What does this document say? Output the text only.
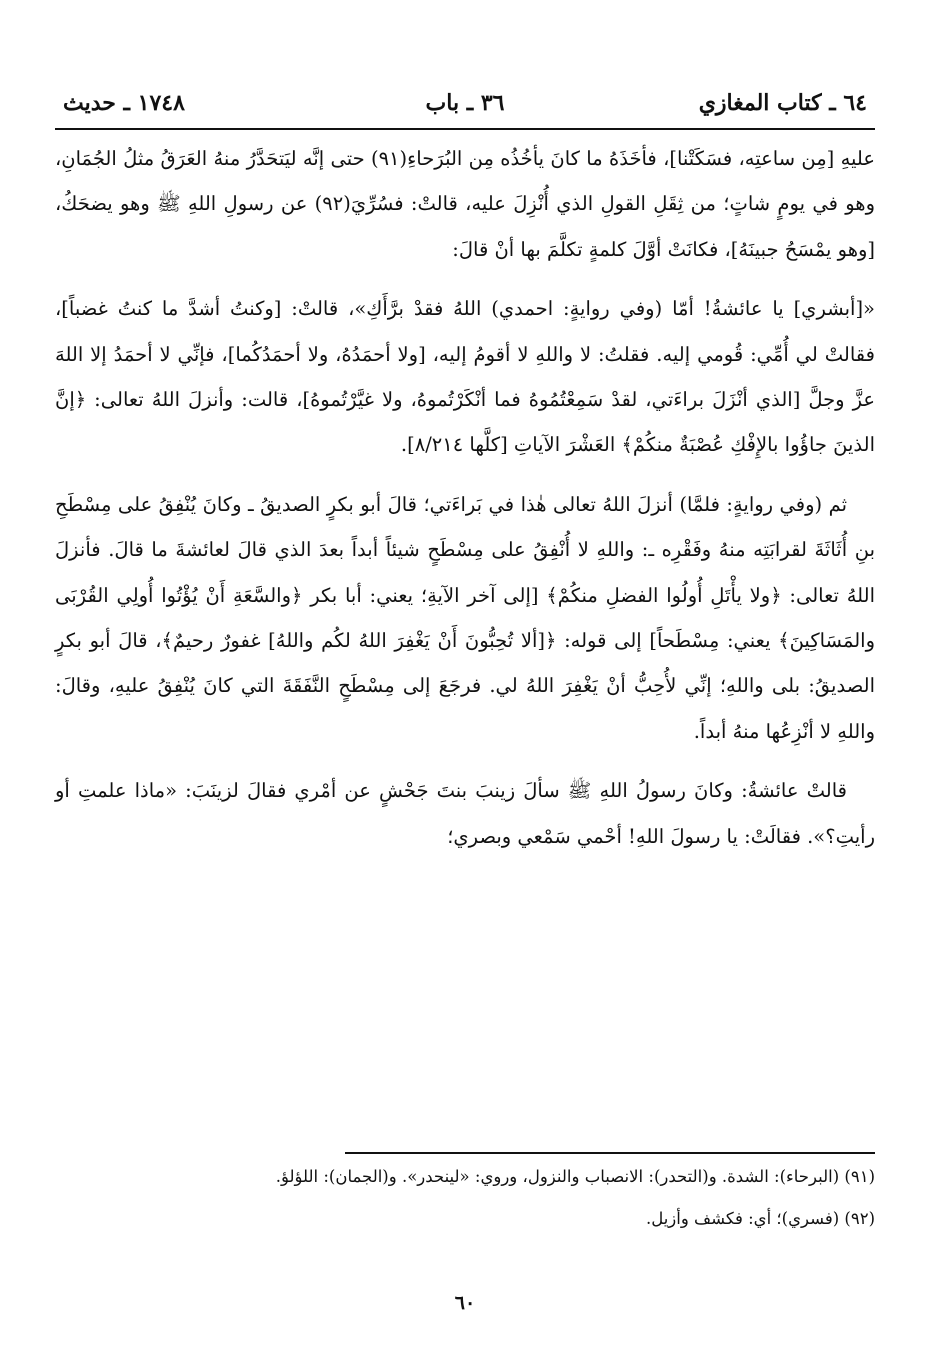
٦٤ ـ كتاب المغازي
٣٦ ـ باب
١٧٤٨ ـ حديث

عليهِ [مِن ساعتِه، فسَكَتْنا]، فأخَذَهُ ما كانَ يأخُذُه مِن البُرَحاءِ(٩١) حتى إنَّه ليَتحَدَّرُ منهُ العَرَقُ مثلُ الجُمَانِ، وهو في يومٍ شاتٍ؛ من ثِقَلِ القولِ الذي أُنْزِلَ عليه، قالتْ: فسُرِّيَ(٩٢) عن رسولِ اللهِ ﷺ وهو يضحَكُ، [وهو يمْسَحُ جبينَهُ]، فكانَتْ أوَّلَ كلمةٍ تكلَّمَ بها أنْ قالَ:

«[أبشري] يا عائشةُ! أمّا (وفي روايةٍ: احمدي) اللهُ فقدْ برَّأَكِ»، قالتْ: [وكنتُ أشدَّ ما كنتُ غضباً]، فقالتْ لي أُمِّي: قُومي إليه. فقلتُ: لا واللهِ لا أقومُ إليه، [ولا أحمَدُهُ، ولا أحمَدُكُما]، فإنِّي لا أحمَدُ إلا اللهَ عزَّ وجلَّ [الذي أنْزَلَ براءَتي، لقدْ سَمِعْتُمُوهُ فما أنْكَرْتُموهُ، ولا غيَّرْتُموهُ]، قالت: وأنزلَ اللهُ تعالى: ﴿إنَّ الذينَ جاؤُوا بالإِفْكِ عُصْبَةٌ منكُمْ﴾ العَشْرَ الآياتِ [كلَّها ٨/٢١٤].

ثم (وفي روايةٍ: فلمَّا) أنزلَ اللهُ تعالى هٰذا في بَراءَتي؛ قالَ أبو بكرٍ الصديقُ ـ وكانَ يُنْفِقُ على مِسْطَحِ بنِ أُثَاثَةَ لقرابَتِه منهُ وفَقْرِه ـ: واللهِ لا أُنْفِقُ على مِسْطَحٍ شيئاً أبداً بعدَ الذي قالَ لعائشةَ ما قالَ. فأنزلَ اللهُ تعالى: ﴿ولا يأْتَلِ أُولُوا الفضلِ منكُمْ﴾ [إلى آخر الآيةِ؛ يعني: أبا بكر ﴿والسَّعَةِ أَنْ يُؤْتُوا أُولِي القُرْبَى والمَسَاكِينَ﴾ يعني: مِسْطَحاً] إلى قوله: ﴿[ألا تُحِبُّونَ أَنْ يَغْفِرَ اللهُ لكُم واللهُ] غفورٌ رحيمٌ﴾، قالَ أبو بكرٍ الصديقُ: بلى واللهِ؛ إنِّي لأُحِبُّ أنْ يَغْفِرَ اللهُ لي. فرجَعَ إلى مِسْطَحٍ النَّفَقَةَ التي كانَ يُنْفِقُ عليهِ، وقالَ: واللهِ لا أنْزِعُها منهُ أبداً.

قالتْ عائشةُ: وكانَ رسولُ اللهِ ﷺ سألَ زينبَ بنتَ جَحْشٍ عن أمْري فقالَ لزينَبَ: «ماذا علمتِ أو رأيتِ؟». فقالَتْ: يا رسولَ اللهِ! أحْمي سَمْعي وبصري؛

(٩١) (البرحاء): الشدة. و(التحدر): الانصباب والنزول، وروي: «لينحدر». و(الجمان): اللؤلؤ.

(٩٢) (فسري)؛ أي: فكشف وأزيل.

٦٠
